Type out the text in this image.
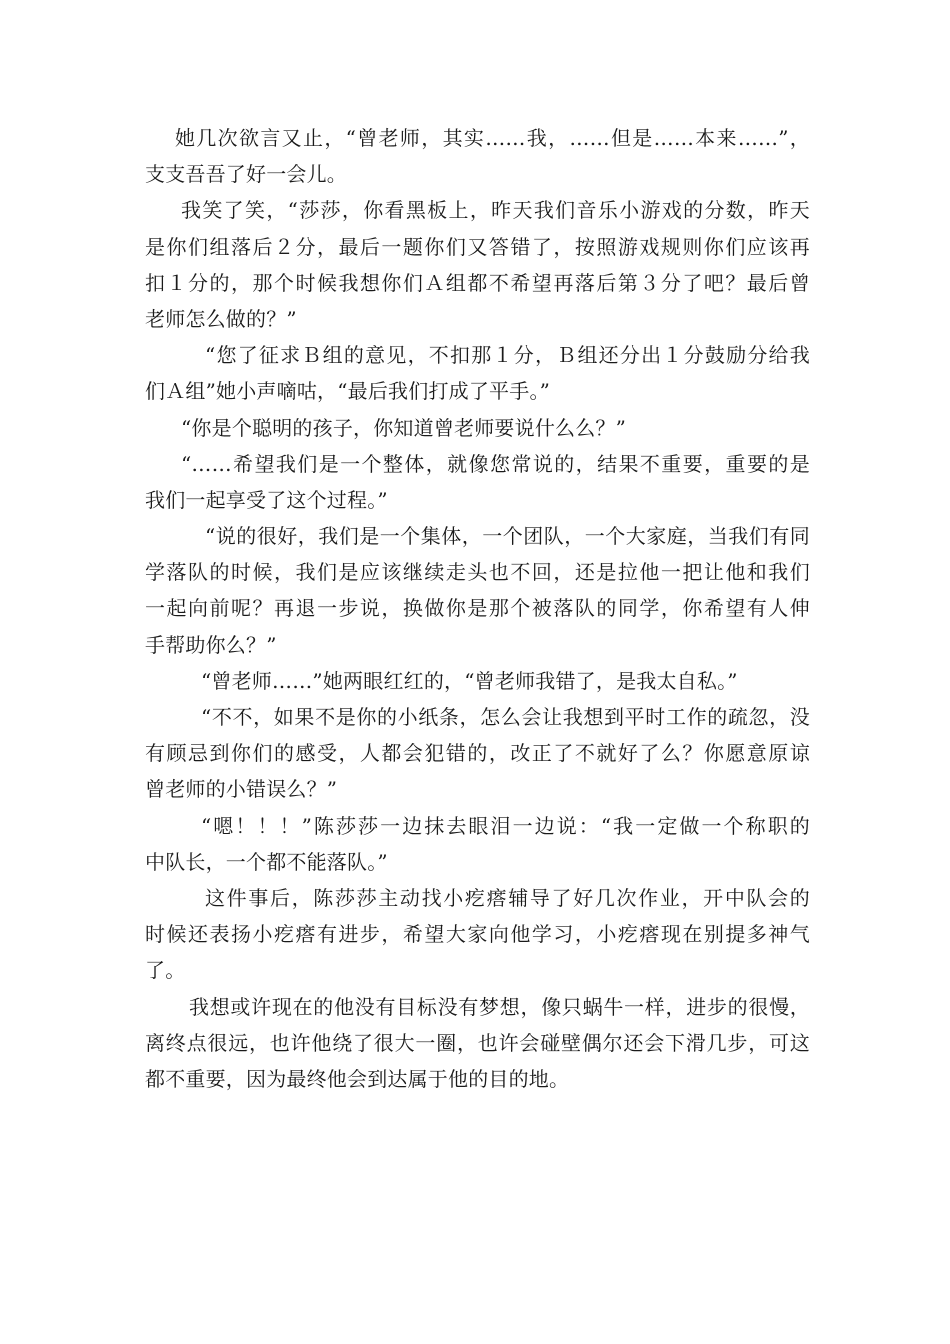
她几次欲言又止，“曾老师，其实……我，……但是……本来……”，
支支吾吾了好一会儿。
我笑了笑，“莎莎，你看黑板上，昨天我们音乐小游戏的分数，昨天
是你们组落后２分，最后一题你们又答错了，按照游戏规则你们应该再
扣１分的，那个时候我想你们Ａ组都不希望再落后第３分了吧？最后曾
老师怎么做的？”
“您了征求Ｂ组的意见，不扣那１分，Ｂ组还分出１分鼓励分给我
们Ａ组”她小声嘀咕，“最后我们打成了平手。”
“你是个聪明的孩子，你知道曾老师要说什么么？”
“……希望我们是一个整体，就像您常说的，结果不重要，重要的是
我们一起享受了这个过程。”
“说的很好，我们是一个集体，一个团队，一个大家庭，当我们有同
学落队的时候，我们是应该继续走头也不回，还是拉他一把让他和我们
一起向前呢？再退一步说，换做你是那个被落队的同学，你希望有人伸
手帮助你么？”
“曾老师……”她两眼红红的，“曾老师我错了，是我太自私。”
“不不，如果不是你的小纸条，怎么会让我想到平时工作的疏忽，没
有顾忌到你们的感受，人都会犯错的，改正了不就好了么？你愿意原谅
曾老师的小错误么？”
“嗯！！！”陈莎莎一边抹去眼泪一边说：“我一定做一个称职的
中队长，一个都不能落队。”
这件事后，陈莎莎主动找小疙瘩辅导了好几次作业，开中队会的
时候还表扬小疙瘩有进步，希望大家向他学习，小疙瘩现在别提多神气
了。
我想或许现在的他没有目标没有梦想，像只蜗牛一样，进步的很慢，
离终点很远，也许他绕了很大一圈，也许会碰壁偶尔还会下滑几步，可这
都不重要，因为最终他会到达属于他的目的地。
